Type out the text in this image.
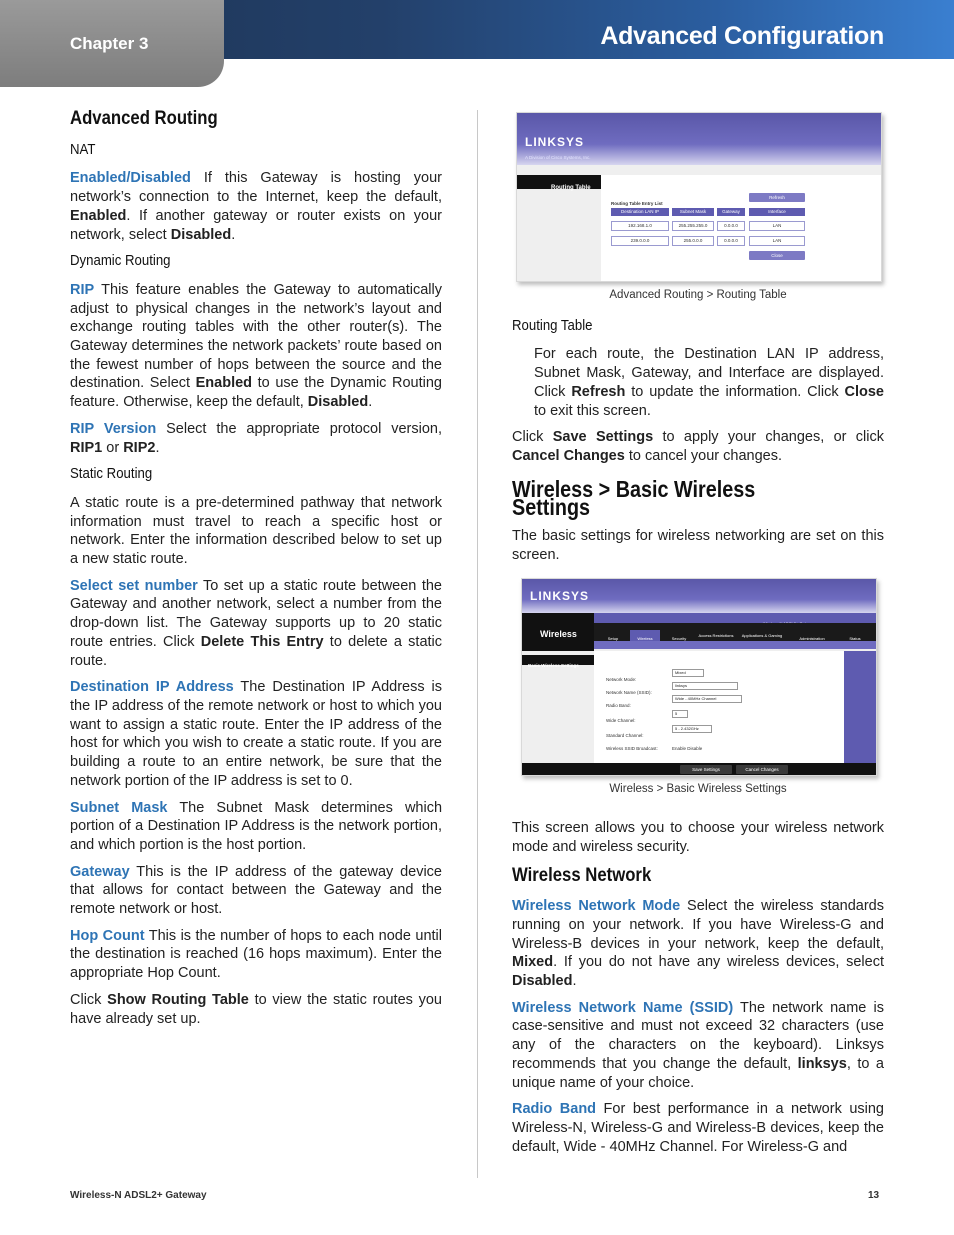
Chapter 3	Advanced Configuration
Advanced Routing
NAT

Enabled/Disabled If this Gateway is hosting your network’s connection to the Internet, keep the default, Enabled. If another gateway or router exists on your network, select Disabled.

Dynamic Routing

RIP This feature enables the Gateway to automatically adjust to physical changes in the network’s layout and exchange routing tables with the other router(s). The Gateway determines the network packets’ route based on the fewest number of hops between the source and the destination. Select Enabled to use the Dynamic Routing feature. Otherwise, keep the default, Disabled.

RIP Version Select the appropriate protocol version, RIP1 or RIP2.

Static Routing

A static route is a pre-determined pathway that network information must travel to reach a specific host or network. Enter the information described below to set up a new static route.

Select set number To set up a static route between the Gateway and another network, select a number from the drop-down list. The Gateway supports up to 20 static route entries. Click Delete This Entry to delete a static route.

Destination IP Address The Destination IP Address is the IP address of the remote network or host to which you want to assign a static route. Enter the IP address of the host for which you wish to create a static route. If you are building a route to an entire network, be sure that the network portion of the IP address is set to 0.

Subnet Mask The Subnet Mask determines which portion of a Destination IP Address is the network portion, and which portion is the host portion.

Gateway This is the IP address of the gateway device that allows for contact between the Gateway and the remote network or host.

Hop Count This is the number of hops to each node until the destination is reached (16 hops maximum). Enter the appropriate Hop Count.

Click Show Routing Table to view the static routes you have already set up.

LINKSYS
A Division of Cisco Systems, Inc.
Routing Table
Routing Table Entry List
Refresh
Destination LAN IP	Subnet Mask	Gateway	Interface
192.168.1.0	255.255.255.0	0.0.0.0	LAN
239.0.0.0	255.0.0.0	0.0.0.0	LAN
Close
Advanced Routing > Routing Table
Routing Table

For each route, the Destination LAN IP address, Subnet Mask, Gateway, and Interface are displayed. Click Refresh to update the information. Click Close to exit this screen.

Click Save Settings to apply your changes, or click Cancel Changes to cancel your changes.

Wireless > Basic Wireless Settings

The basic settings for wireless networking are set on this screen.

LINKSYS
Wireless	Setup	Wireless	Security
Access Restrictions	Applications & Gaming
Administration	Status
Basic Wireless Settings
Network Mode:
Mixed
Network Name (SSID):
linksys
Radio Band:
Wide - 40MHz Channel
Wide Channel:
5
Standard Channel:
5 - 2.432GHz
Wireless SSID Broadcast:	Enable Disable
Save Settings	Cancel Changes
Wireless > Basic Wireless Settings

This screen allows you to choose your wireless network mode and wireless security.

Wireless Network

Wireless Network Mode Select the wireless standards running on your network. If you have Wireless-G and Wireless-B devices in your network, keep the default, Mixed. If you do not have any wireless devices, select Disabled.

Wireless Network Name (SSID) The network name is case-sensitive and must not exceed 32 characters (use any of the characters on the keyboard). Linksys recommends that you change the default, linksys, to a unique name of your choice.

Radio Band For best performance in a network using Wireless-N, Wireless-G and Wireless-B devices, keep the default, Wide - 40MHz Channel. For Wireless-G and

Wireless-N ADSL2+ Gateway	13
